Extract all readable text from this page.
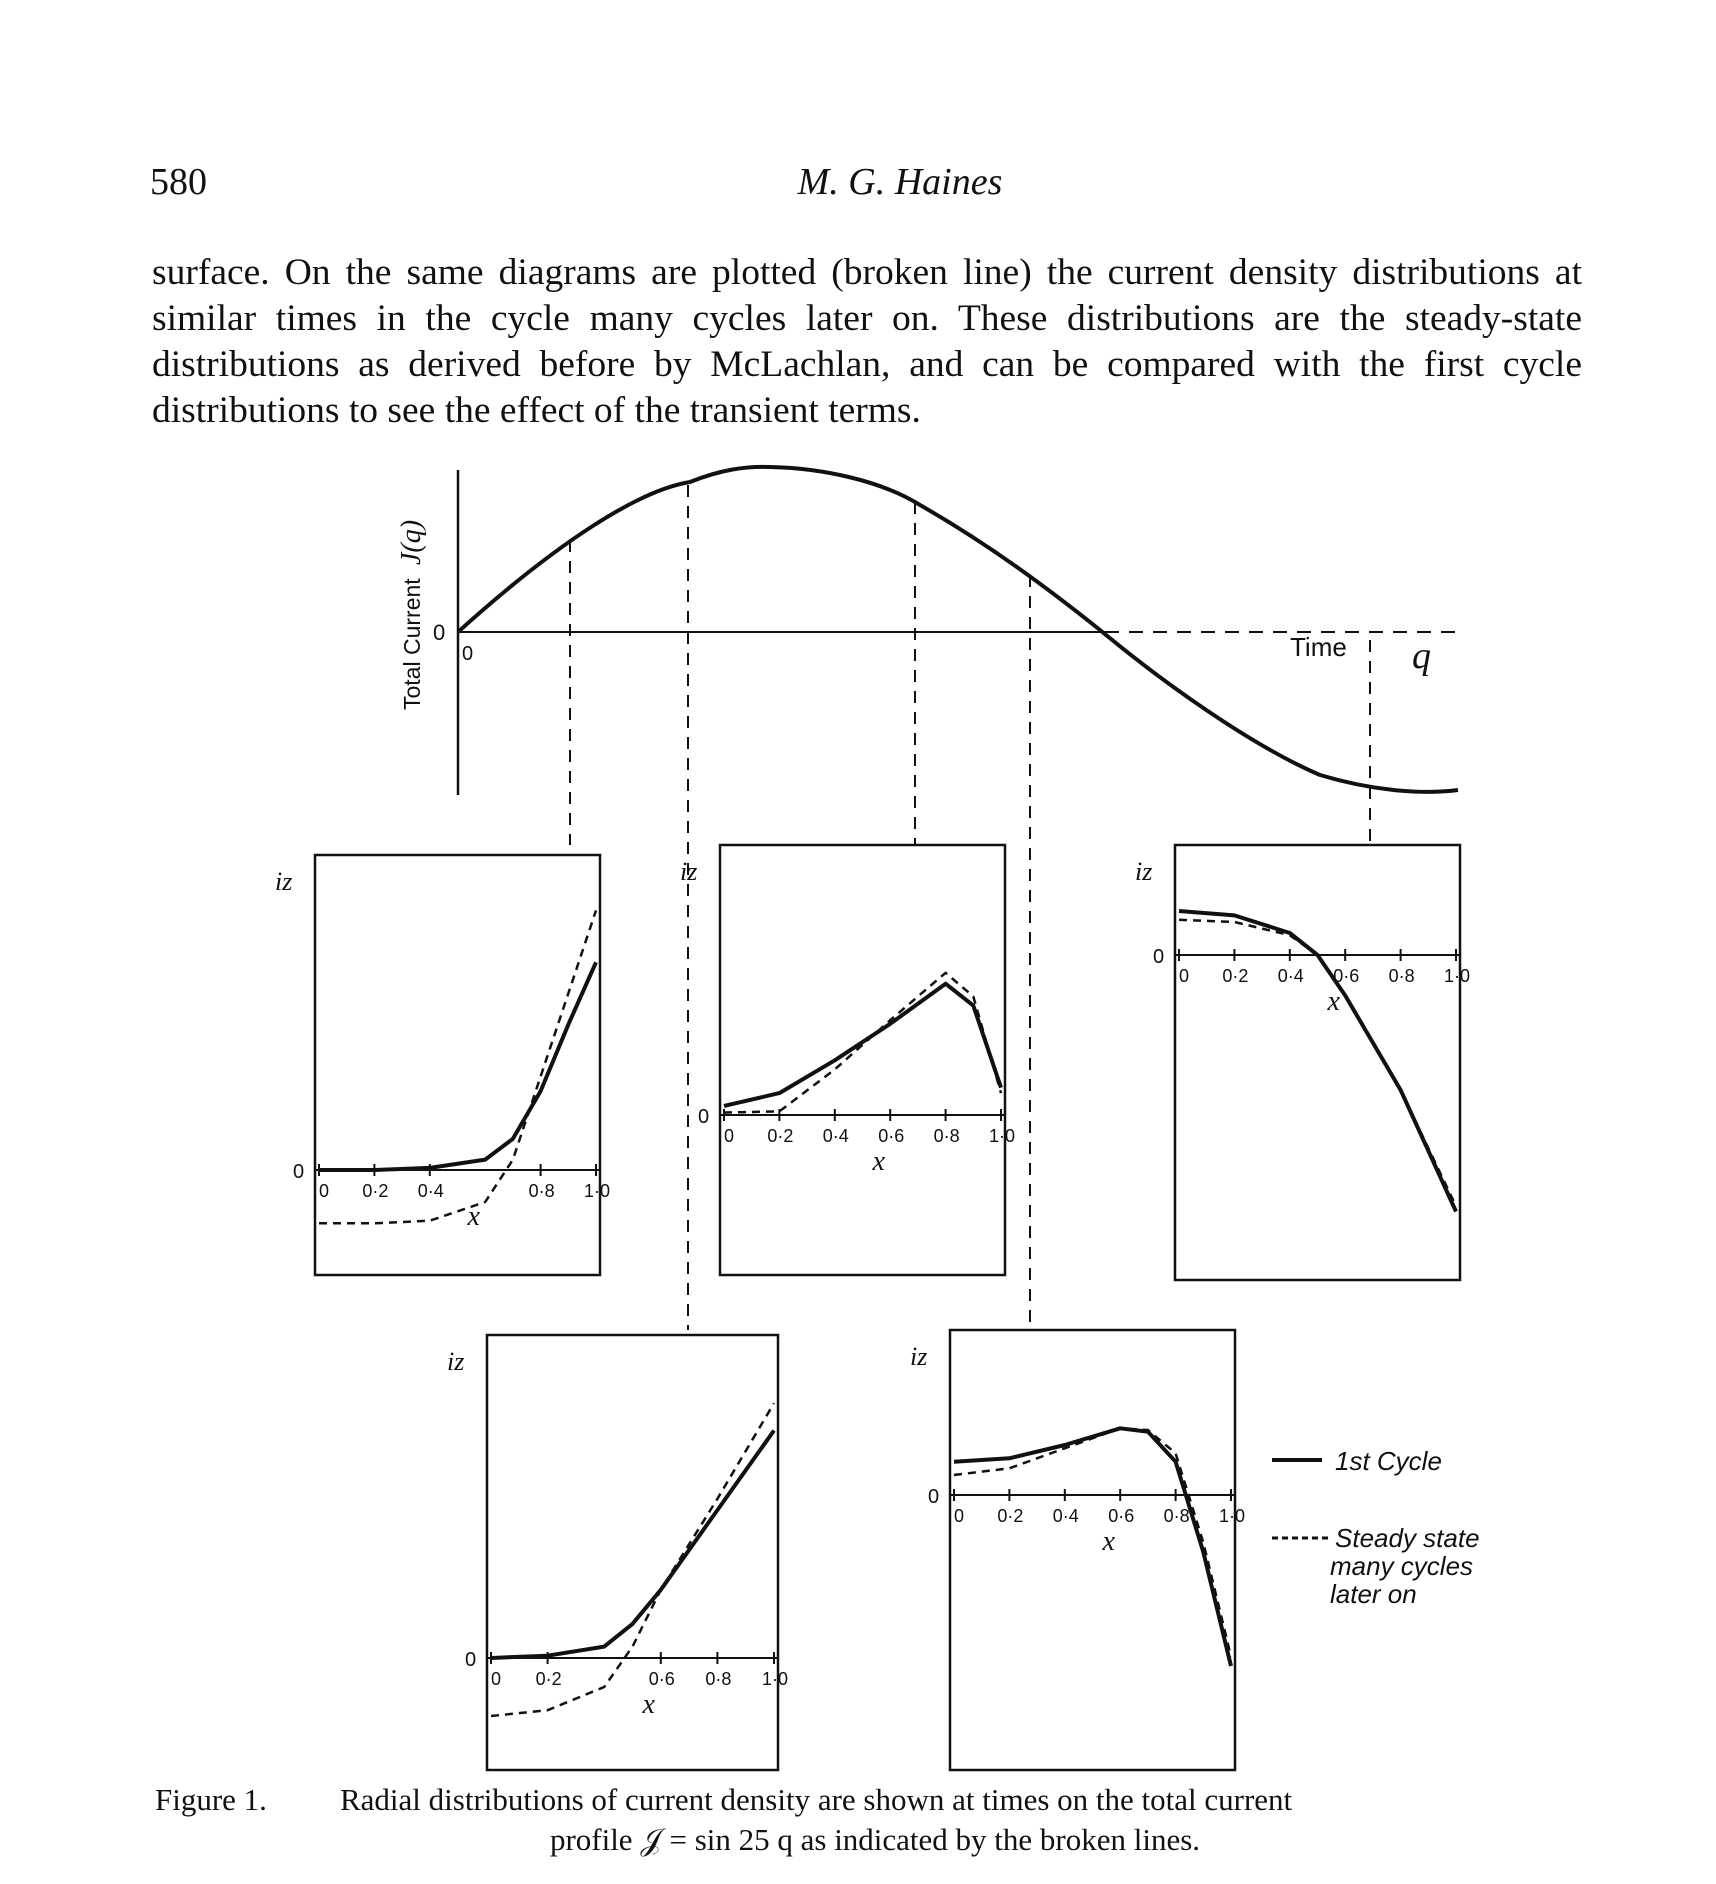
580	M. G. Haines

surface. On the same diagrams are plotted (broken line) the current density distributions at similar times in the cycle many cycles later on. These distributions are the steady-state distributions as derived before by McLachlan, and can be compared with the first cycle distributions to see the effect of the transient terms.

Total Current
J(q)
0
0	Time q
0 0·2 0·4	0·8 1·0
iz
0
x
0 0·2 0·4 0·6 0·8 1·0
iz
0
x
0 0·2	0·6 0·8 1·0
iz
0
x
0 0·2 0·4 0·6 0·8 1·0
iz
0
x
0 0·2 0·4 0·6 0·8 1·0
iz
0
x
1st Cycle
Steady state
many cycles
later on
Figure 1. Radial distributions of current density are shown at times on the total current
profile 𝒥 = sin 25 q as indicated by the broken lines.
